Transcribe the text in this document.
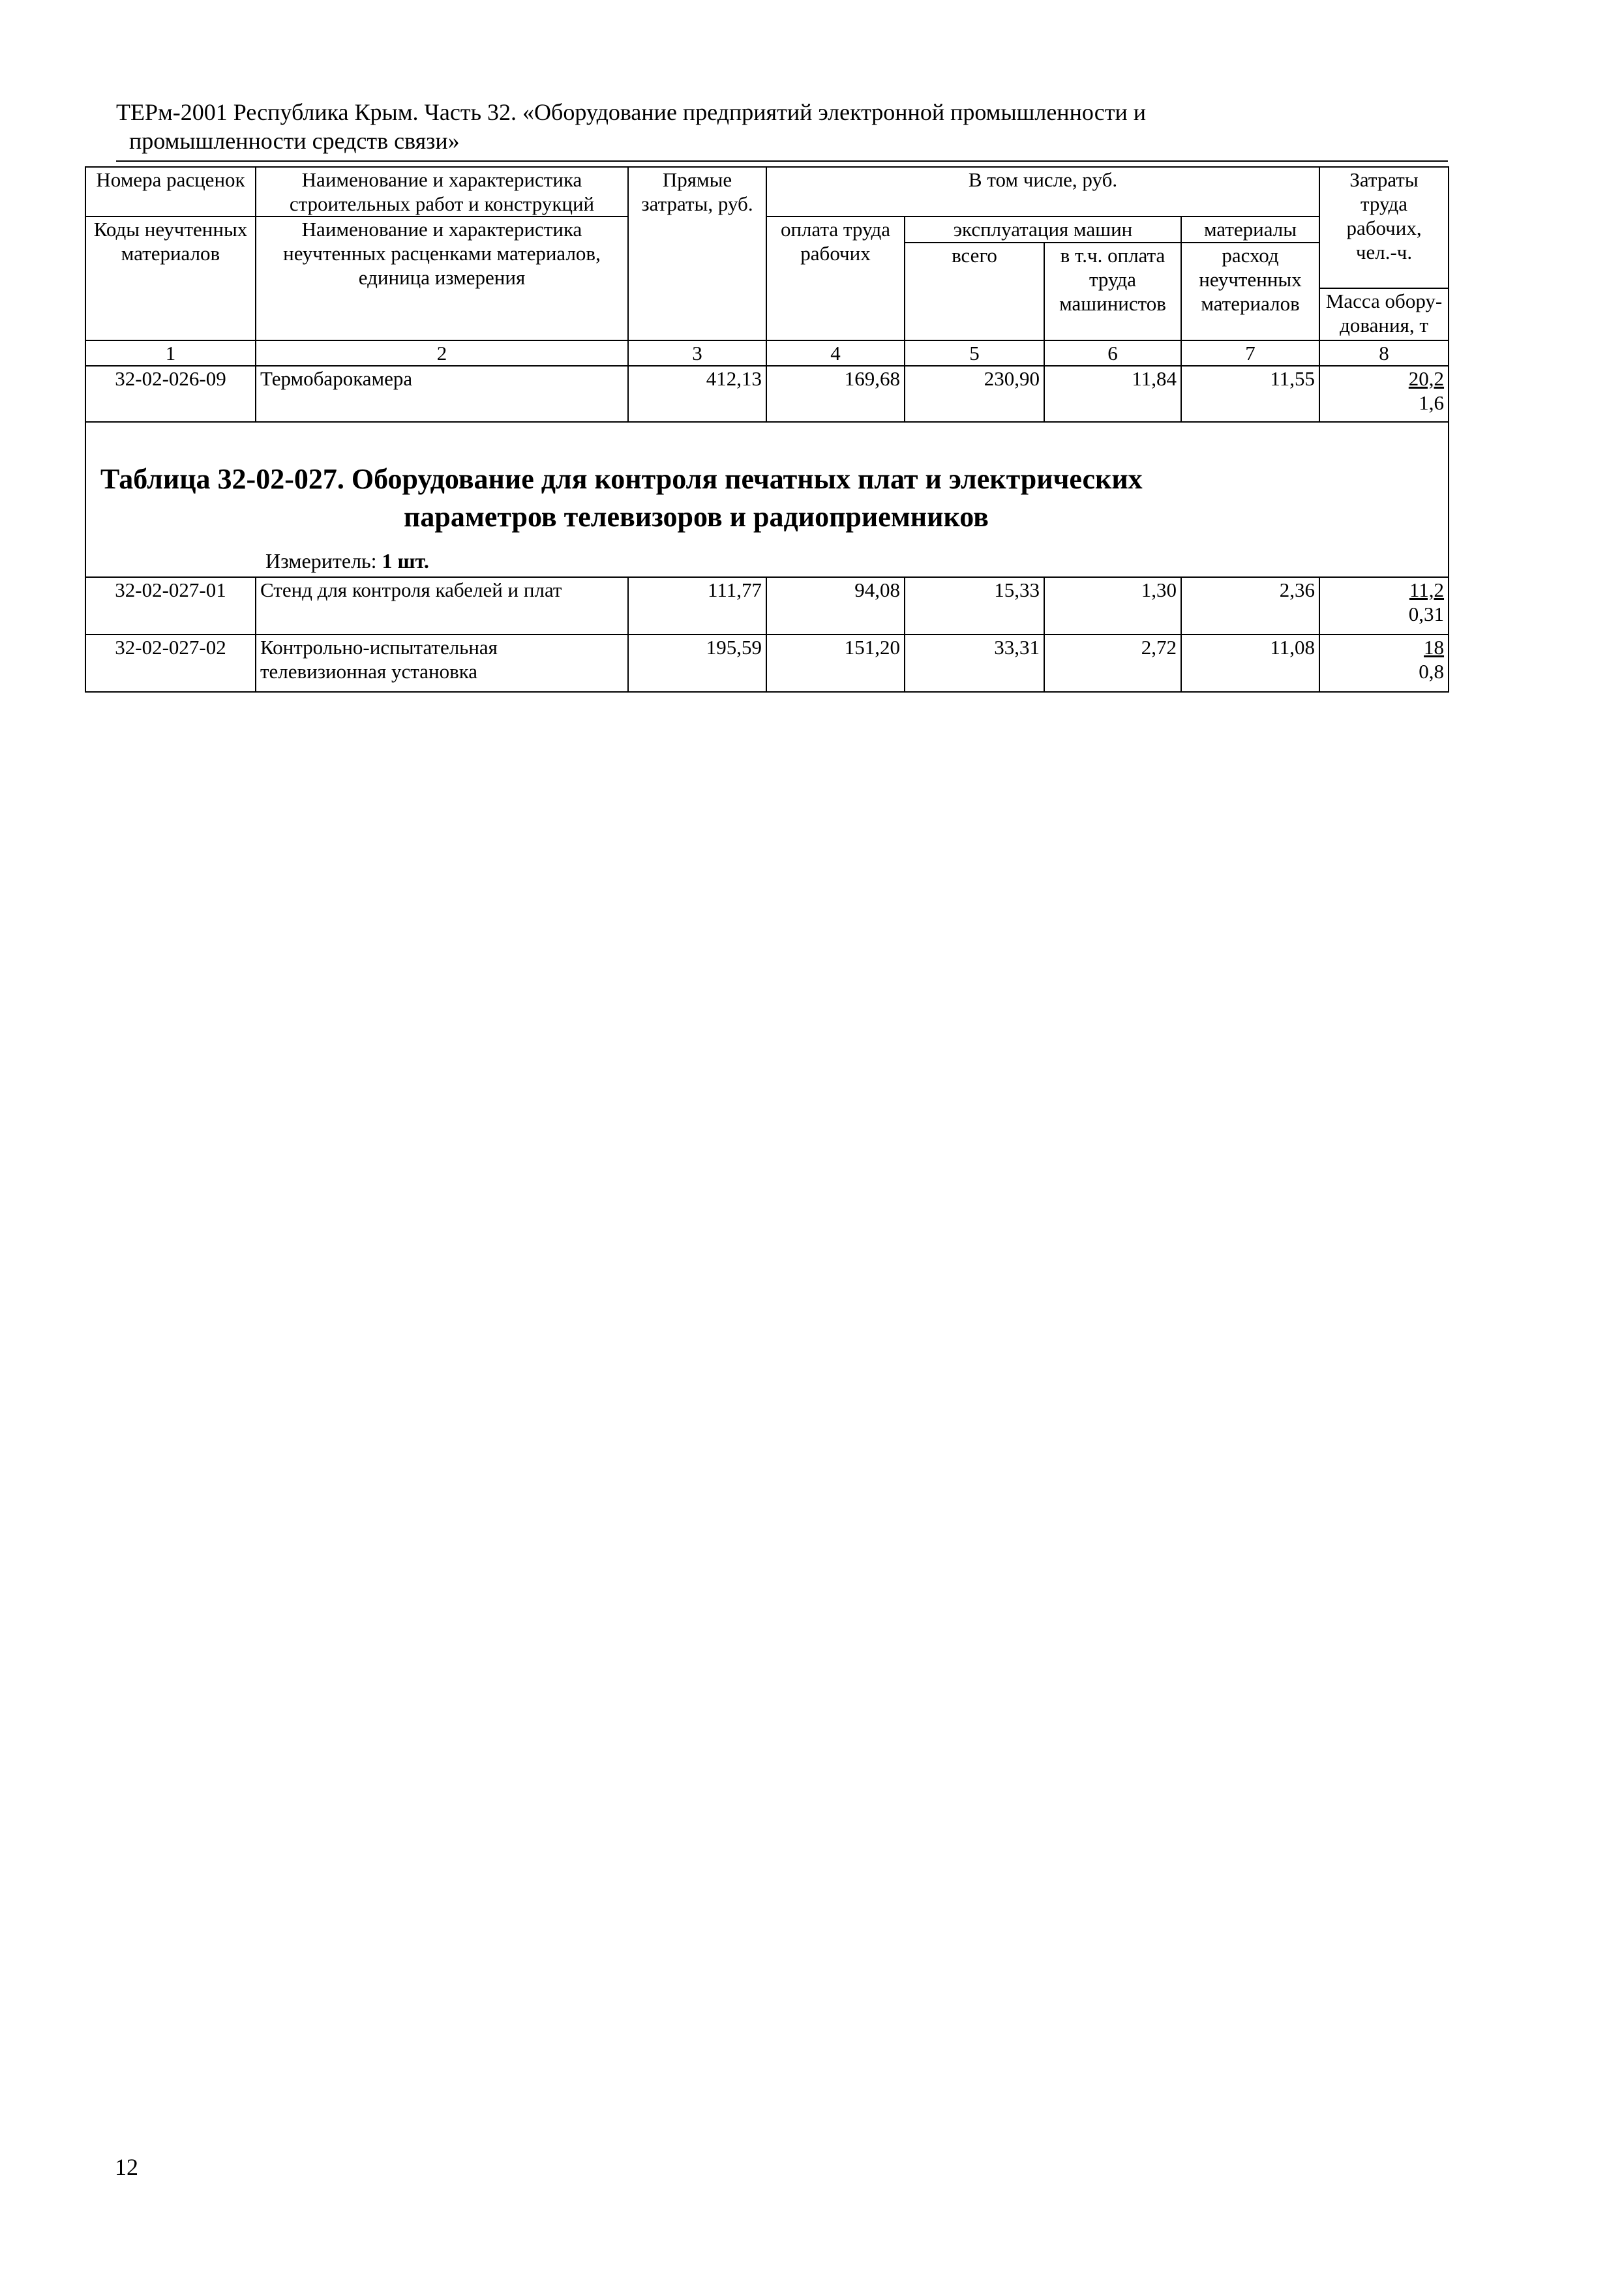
ТЕРм-2001 Республика Крым. Часть 32. «Оборудование предприятий электронной промышленности и
промышленности средств связи»
Номера расценок	Наименование и характеристика строительных работ и конструкций	Прямые затраты, руб.	В том числе, руб.				Затраты труда рабочих, чел.-ч.
Коды неучтенных материалов	Наименование и характеристика неучтенных расценками материалов, единица измерения		оплата труда рабочих	эксплуатация машин		материалы	
				всего	в т.ч. оплата труда машинистов	расход неучтенных материалов	
							Масса обору-дования, т
1	2	3	4	5	6	7	8
32-02-026-09	Термобарокамера	412,13	169,68	230,90	11,84	11,55	20,2
1,6

Таблица 32-02-027. Оборудование для контроля печатных плат и электрических
параметров телевизоров и радиоприемников
Измеритель: 1 шт.							

32-02-027-01	Стенд для контроля кабелей и плат	111,77	94,08	15,33	1,30	2,36	11,2
0,31

32-02-027-02	Контрольно-испытательная телевизионная установка	195,59	151,20	33,31	2,72	11,08	18
0,8
12
